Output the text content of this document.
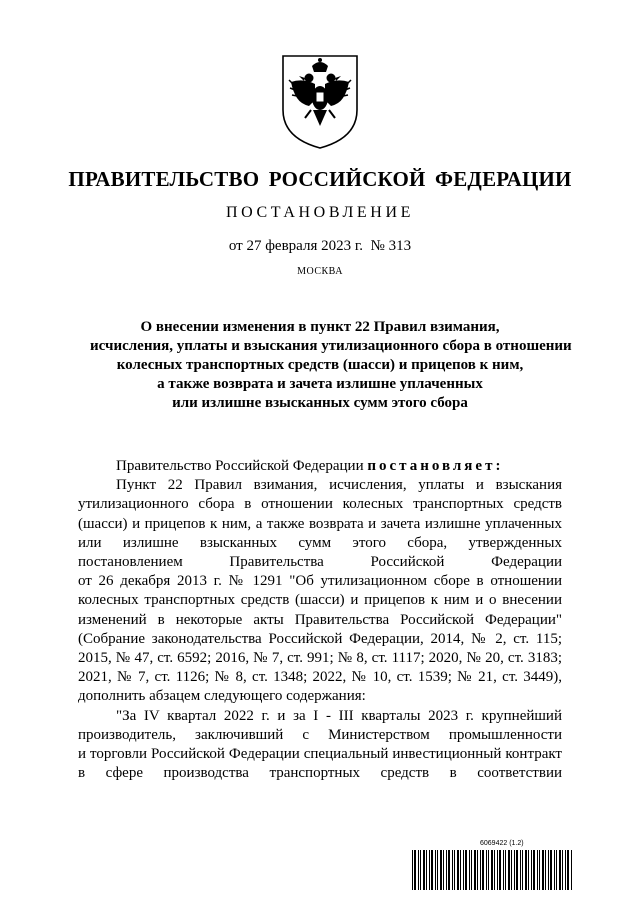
ПРАВИТЕЛЬСТВО РОССИЙСКОЙ ФЕДЕРАЦИИ
ПОСТАНОВЛЕНИЕ
от 27 февраля 2023 г.  № 313
МОСКВА
О внесении изменения в пункт 22 Правил взимания,
исчисления, уплаты и взыскания утилизационного сбора в отношении
колесных транспортных средств (шасси) и прицепов к ним,
а также возврата и зачета излишне уплаченных
или излишне взысканных сумм этого сбора
Правительство Российской Федерации постановляет:
Пункт 22 Правил взимания, исчисления, уплаты и взыскания
утилизационного сбора в отношении колесных транспортных средств
(шасси) и прицепов к ним, а также возврата и зачета излишне уплаченных
или излишне взысканных сумм этого сбора, утвержденных
постановлением Правительства Российской Федерации
от 26 декабря 2013 г. № 1291 "Об утилизационном сборе в отношении
колесных транспортных средств (шасси) и прицепов к ним и о внесении
изменений в некоторые акты Правительства Российской Федерации"
(Собрание законодательства Российской Федерации, 2014, № 2, ст. 115;
2015, № 47, ст. 6592; 2016, № 7, ст. 991; № 8, ст. 1117; 2020, № 20, ст. 3183;
2021, № 7, ст. 1126; № 8, ст. 1348; 2022, № 10, ст. 1539; № 21, ст. 3449),
дополнить абзацем следующего содержания:
"За IV квартал 2022 г. и за I - III кварталы 2023 г. крупнейший
производитель, заключивший с Министерством промышленности
и торговли Российской Федерации специальный инвестиционный контракт
в сфере производства транспортных средств в соответствии
6069422 (1.2)
